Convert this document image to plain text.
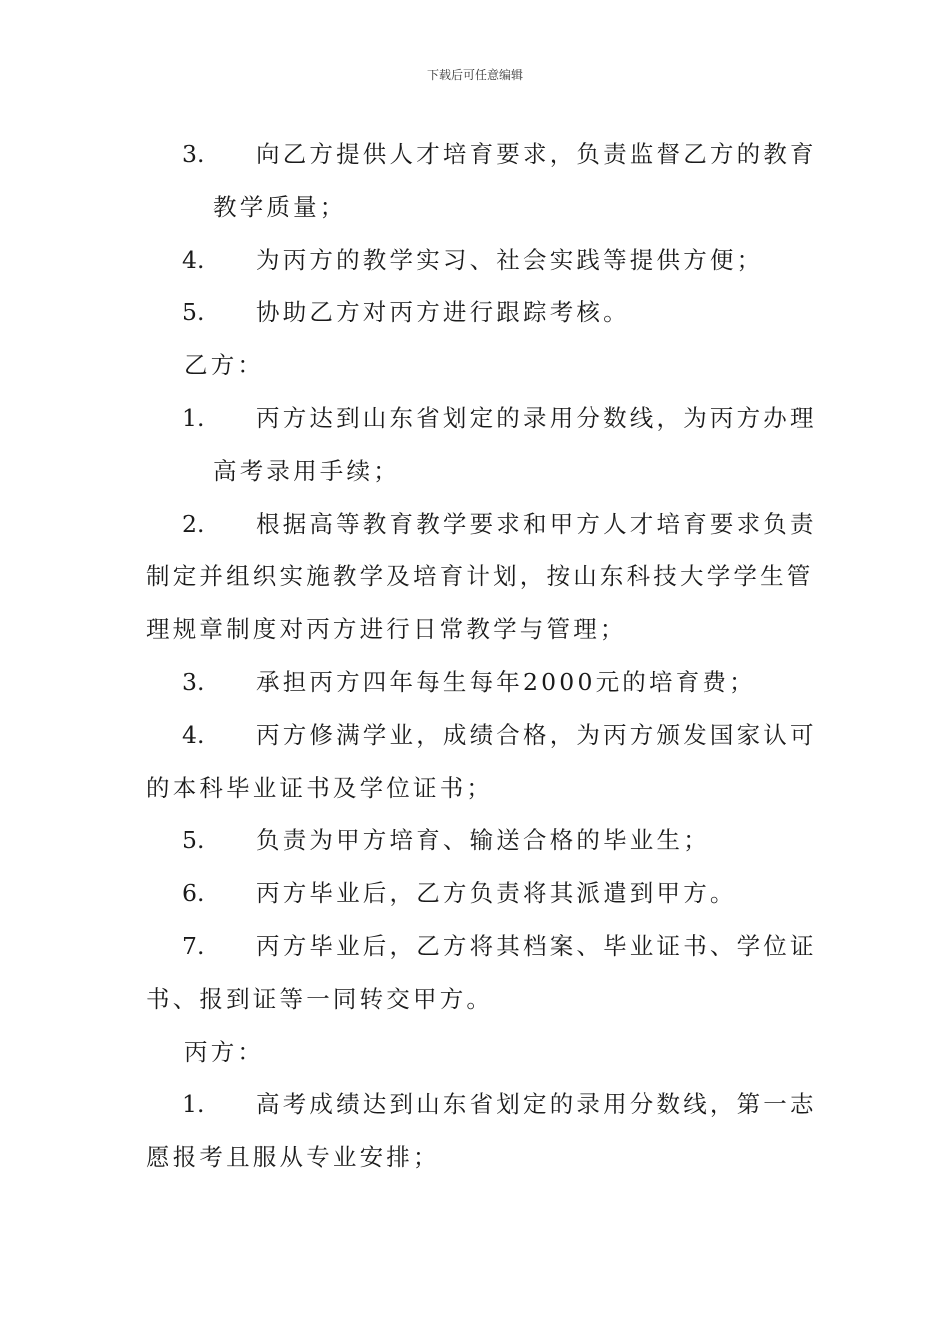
下载后可任意编辑
3. 向乙方提供人才培育要求，负责监督乙方的教育
教学质量；
4. 为丙方的教学实习、社会实践等提供方便；
5. 协助乙方对丙方进行跟踪考核。
乙方：
1. 丙方达到山东省划定的录用分数线，为丙方办理
高考录用手续；
2. 根据高等教育教学要求和甲方人才培育要求负责
制定并组织实施教学及培育计划，按山东科技大学学生管
理规章制度对丙方进行日常教学与管理；
3. 承担丙方四年每生每年2000元的培育费；
4. 丙方修满学业，成绩合格，为丙方颁发国家认可
的本科毕业证书及学位证书；
5. 负责为甲方培育、输送合格的毕业生；
6. 丙方毕业后，乙方负责将其派遣到甲方。
7. 丙方毕业后，乙方将其档案、毕业证书、学位证
书、报到证等一同转交甲方。
丙方：
1. 高考成绩达到山东省划定的录用分数线，第一志
愿报考且服从专业安排；
